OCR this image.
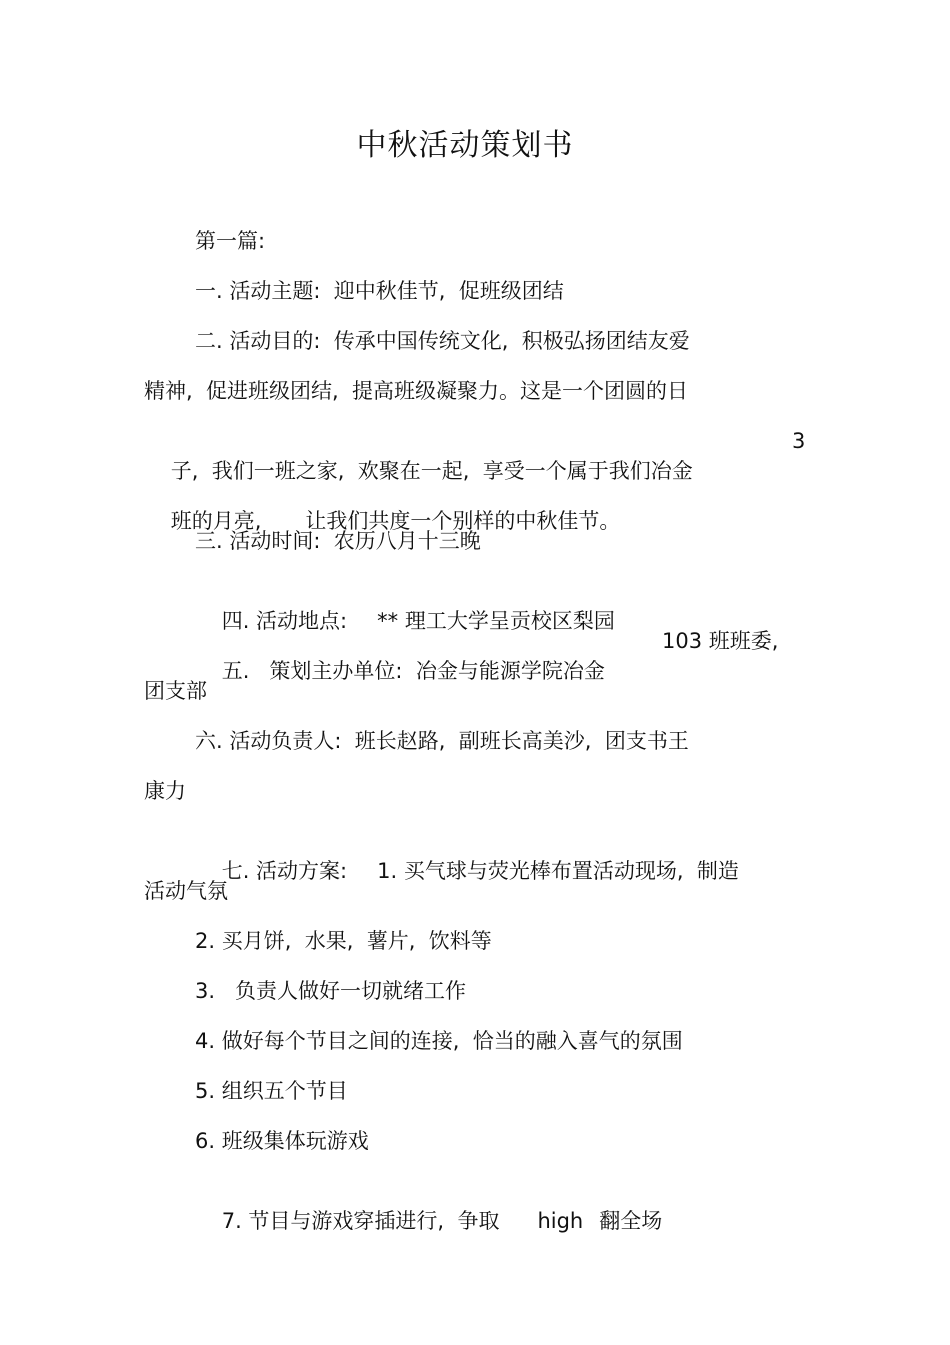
中秋活动策划书
第一篇:
一. 活动主题:  迎中秋佳节,  促班级团结
二. 活动目的:  传承中国传统文化,  积极弘扬团结友爱
精神,  促进班级团结,  提高班级凝聚力。这是一个团圆的日

子,  我们一班之家,  欢聚在一起,  享受一个属于我们冶金

3

班的月亮, 让我们共度一个别样的中秋佳节。

三. 活动时间:  农历八月十三晚

四. 活动地点: ** 理工大学呈贡校区梨园

五.   策划主办单位:  冶金与能源学院冶金

103 班班委,
团支部
六. 活动负责人:  班长赵路,  副班长高美沙,  团支书王
康力

七. 活动方案: 1. 买气球与荧光棒布置活动现场,  制造

活动气氛
2. 买月饼,  水果,  薯片,  饮料等
3.   负责人做好一切就绪工作
4. 做好每个节目之间的连接,  恰当的融入喜气的氛围
5. 组织五个节目
6. 班级集体玩游戏

7. 节目与游戏穿插进行,  争取 high 翻全场
